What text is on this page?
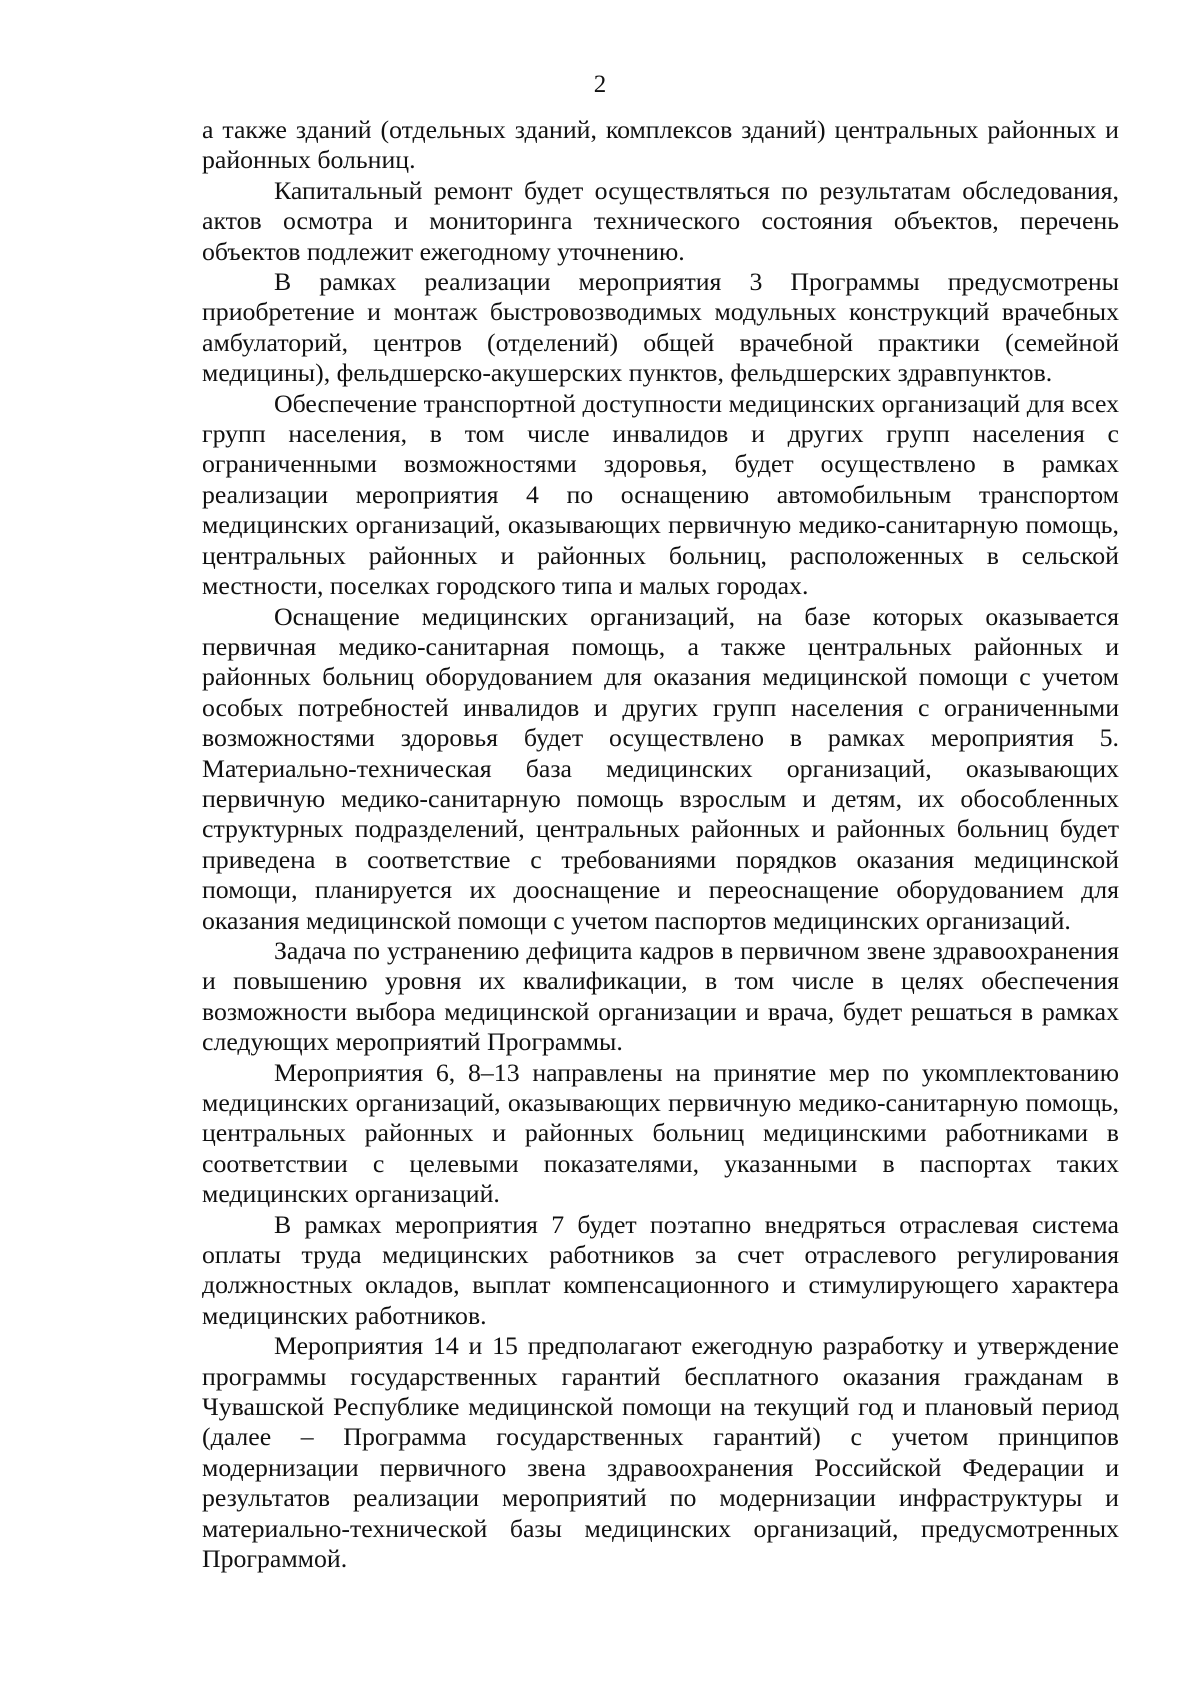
2

а также зданий (отдельных зданий, комплексов зданий) центральных районных и районных больниц.

Капитальный ремонт будет осуществляться по результатам обследования, актов осмотра и мониторинга технического состояния объектов, перечень объектов подлежит ежегодному уточнению.

В рамках реализации мероприятия 3 Программы предусмотрены приобретение и монтаж быстровозводимых модульных конструкций врачебных амбулаторий, центров (отделений) общей врачебной практики (семейной медицины), фельдшерско-акушерских пунктов, фельдшерских здравпунктов.

Обеспечение транспортной доступности медицинских организаций для всех групп населения, в том числе инвалидов и других групп населения с ограниченными возможностями здоровья, будет осуществлено в рамках реализации мероприятия 4 по оснащению автомобильным транспортом медицинских организаций, оказывающих первичную медико-санитарную помощь, центральных районных и районных больниц, расположенных в сельской местности, поселках городского типа и малых городах.

Оснащение медицинских организаций, на базе которых оказывается первичная медико-санитарная помощь, а также центральных районных и районных больниц оборудованием для оказания медицинской помощи с учетом особых потребностей инвалидов и других групп населения с ограниченными возможностями здоровья будет осуществлено в рамках мероприятия 5. Материально-техническая база медицинских организаций, оказывающих первичную медико-санитарную помощь взрослым и детям, их обособленных структурных подразделений, центральных районных и районных больниц будет приведена в соответствие с требованиями порядков оказания медицинской помощи, планируется их дооснащение и переоснащение оборудованием для оказания медицинской помощи с учетом паспортов медицинских организаций.

Задача по устранению дефицита кадров в первичном звене здравоохранения и повышению уровня их квалификации, в том числе в целях обеспечения возможности выбора медицинской организации и врача, будет решаться в рамках следующих мероприятий Программы.

Мероприятия 6, 8–13 направлены на принятие мер по укомплектованию медицинских организаций, оказывающих первичную медико-санитарную помощь, центральных районных и районных больниц медицинскими работниками в соответствии с целевыми показателями, указанными в паспортах таких медицинских организаций.

В рамках мероприятия 7 будет поэтапно внедряться отраслевая система оплаты труда медицинских работников за счет отраслевого регулирования должностных окладов, выплат компенсационного и стимулирующего характера медицинских работников.

Мероприятия 14 и 15 предполагают ежегодную разработку и утверждение программы государственных гарантий бесплатного оказания гражданам в Чувашской Республике медицинской помощи на текущий год и плановый период (далее – Программа государственных гарантий) с учетом принципов модернизации первичного звена здравоохранения Российской Федерации и результатов реализации мероприятий по модернизации инфраструктуры и материально-технической базы медицинских организаций, предусмотренных Программой.
